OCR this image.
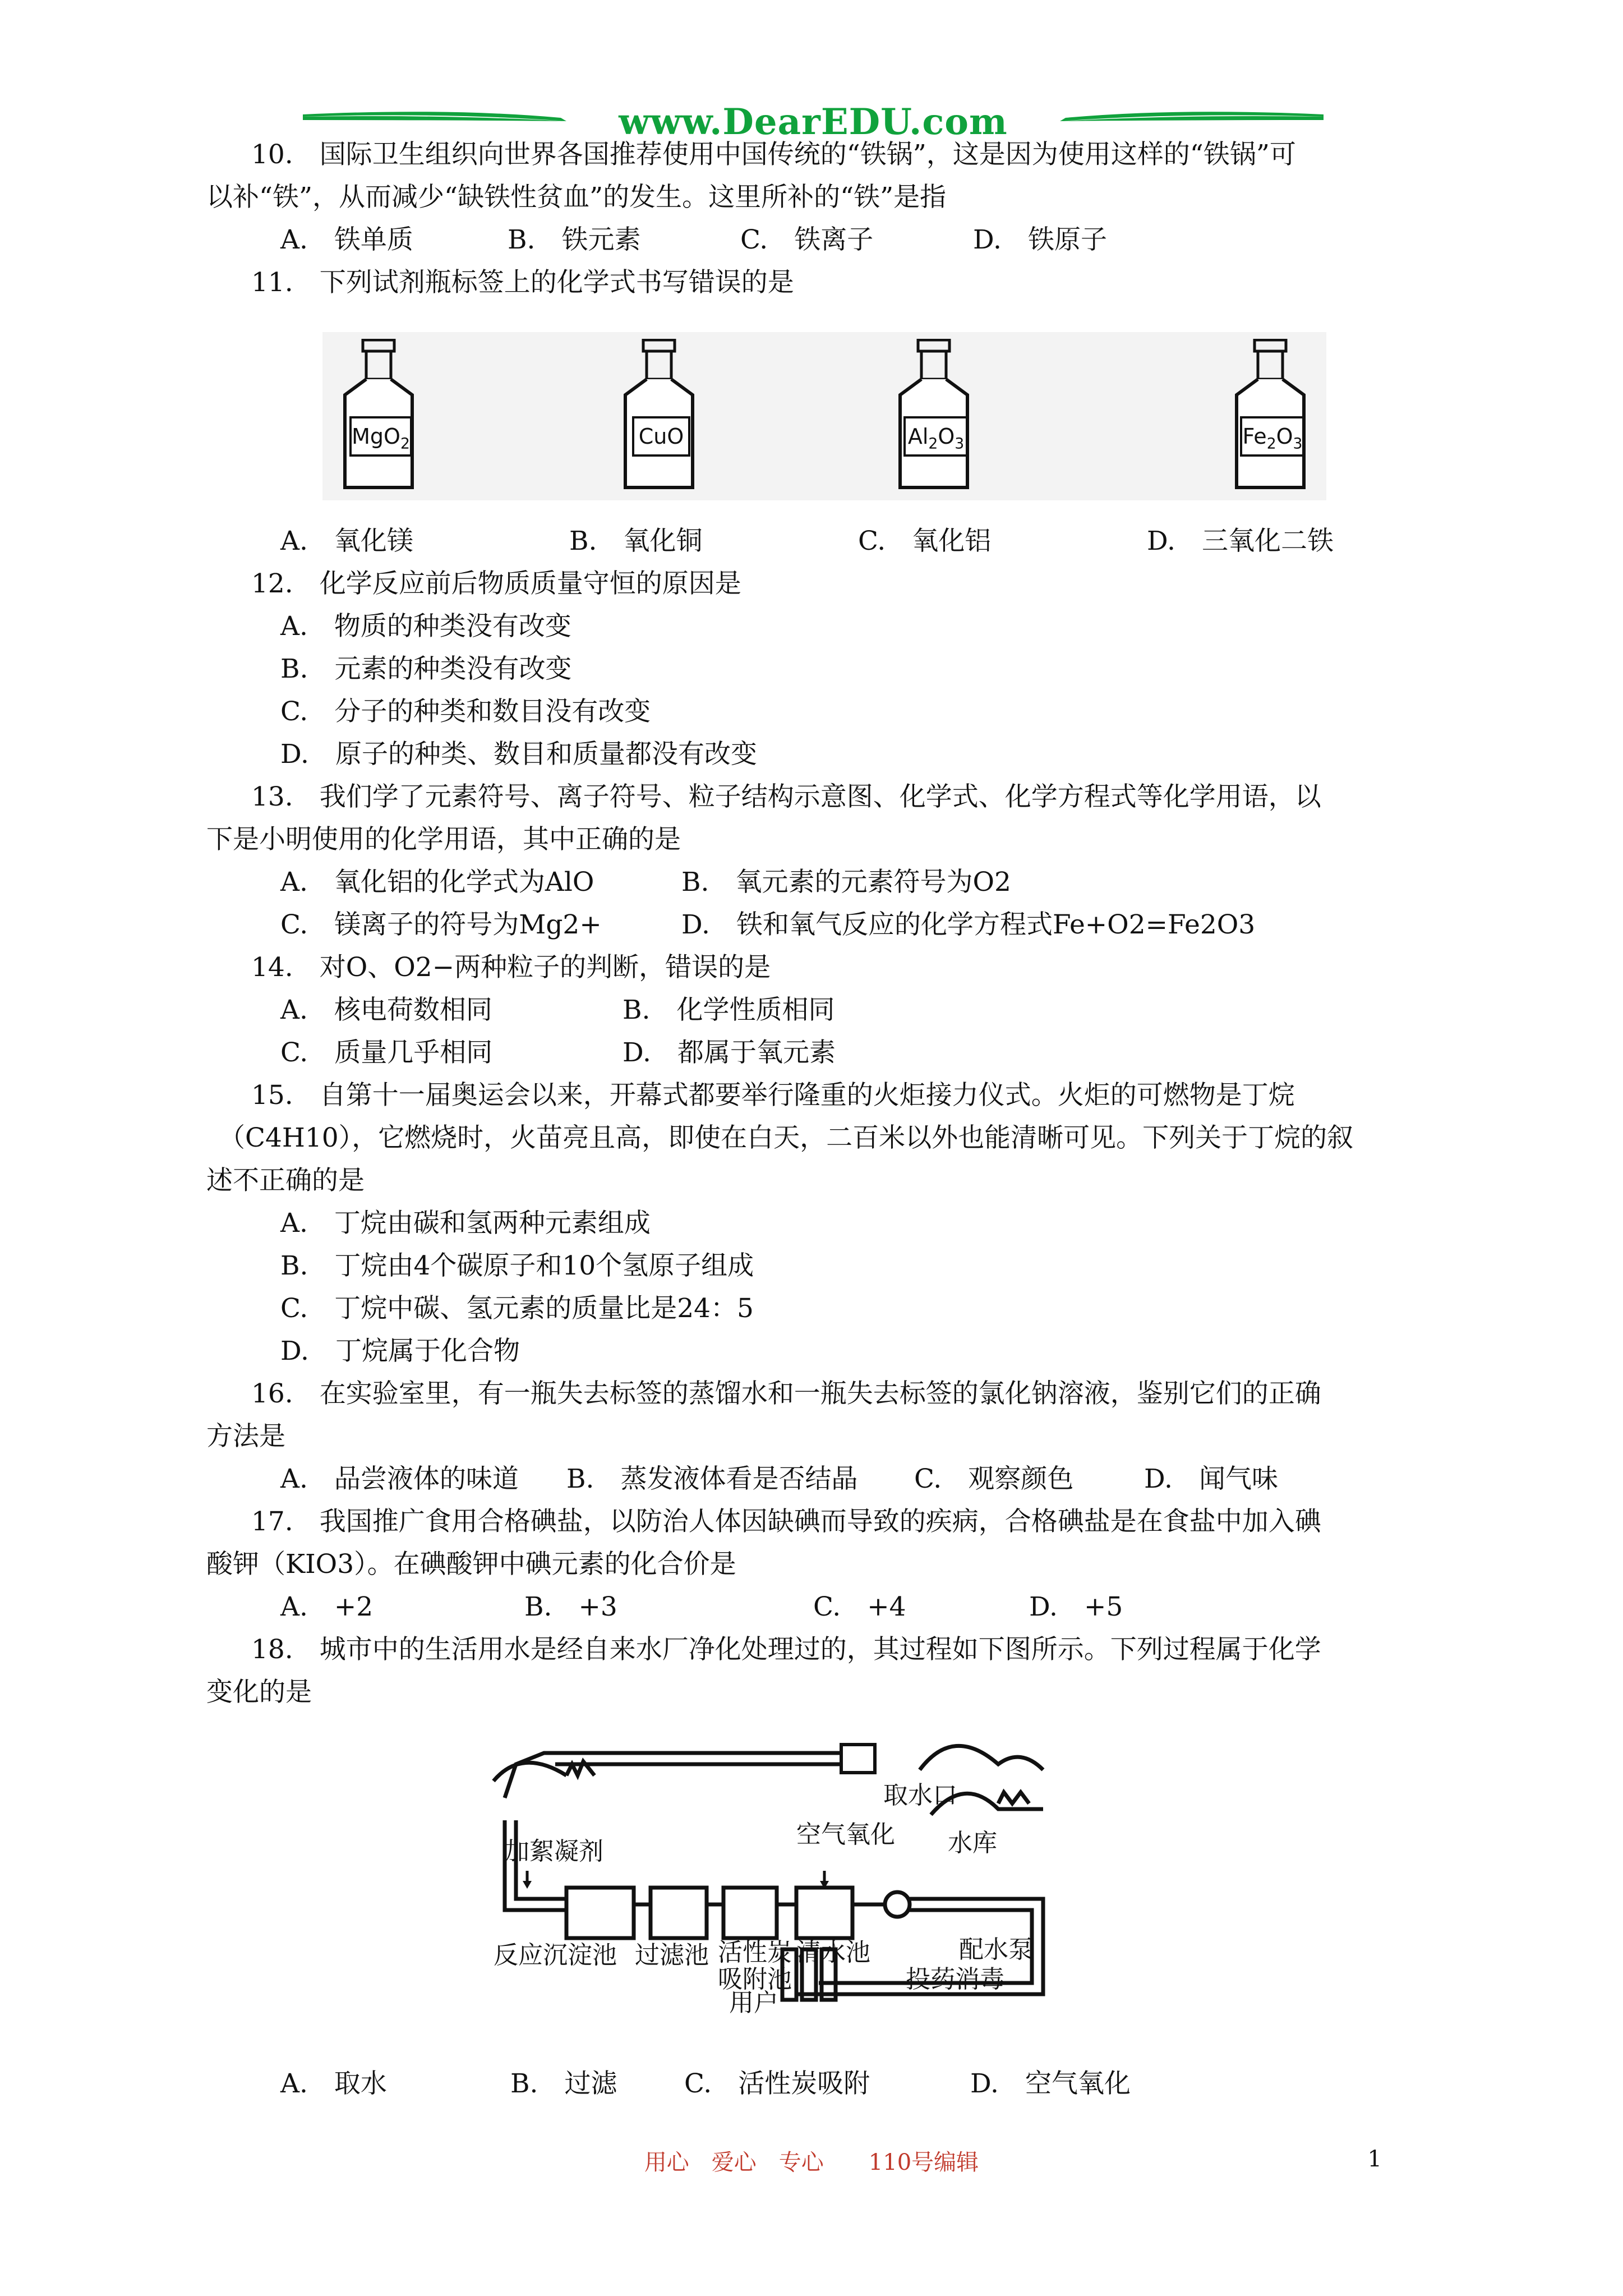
www.DearEDU.com
10.　国际卫生组织向世界各国推荐使用中国传统的“铁锅”，这是因为使用这样的“铁锅”可
以补“铁”，从而减少“缺铁性贫血”的发生。这里所补的“铁”是指
A.　铁单质	B.　铁元素	C.　铁离子	D.　铁原子
11.　下列试剂瓶标签上的化学式书写错误的是
MgO$_2$	CuO	$Al_2O_3$	$Fe_2O_3$
A.　氧化镁	B.　氧化铜	C.　氧化铝	D.　三氧化二铁
12.　化学反应前后物质质量守恒的原因是
A.　物质的种类没有改变
B.　元素的种类没有改变
C.　分子的种类和数目没有改变
D.　原子的种类、数目和质量都没有改变
13.　我们学了元素符号、离子符号、粒子结构示意图、化学式、化学方程式等化学用语，以
下是小明使用的化学用语，其中正确的是
A.　氧化铝的化学式为AlO	B.　氧元素的元素符号为O2
C.　镁离子的符号为Mg2+	D.　铁和氧气反应的化学方程式Fe+O2=Fe2O3
14.　对O、O2−两种粒子的判断，错误的是
A.　核电荷数相同	B.　化学性质相同
C.　质量几乎相同	D.　都属于氧元素
15.　自第十一届奥运会以来，开幕式都要举行隆重的火炬接力仪式。火炬的可燃物是丁烷
（C4H10），它燃烧时，火苗亮且高，即使在白天，二百米以外也能清晰可见。下列关于丁烷的叙
述不正确的是
A.　丁烷由碳和氢两种元素组成
B.　丁烷由4个碳原子和10个氢原子组成
C.　丁烷中碳、氢元素的质量比是24：5
D.　丁烷属于化合物
16.　在实验室里，有一瓶失去标签的蒸馏水和一瓶失去标签的氯化钠溶液，鉴别它们的正确
方法是
A.　品尝液体的味道 B.　蒸发液体看是否结晶 C.　观察颜色	D.　闻气味
17.　我国推广食用合格碘盐，以防治人体因缺碘而导致的疾病，合格碘盐是在食盐中加入碘
酸钾（KIO3）。在碘酸钾中碘元素的化合价是
A.　+2	B.　+3	C.　+4	D.　+5
18.　城市中的生活用水是经自来水厂净化处理过的，其过程如下图所示。下列过程属于化学
变化的是
取水口
空气氧化 水库
加絮凝剂
反应沉淀池 过滤池 活性炭
吸附池
清水池	配水泵
投药消毒
用户
A.　取水	B.　过滤	C.　活性炭吸附	D.　空气氧化
用心　爱心　专心　　110号编辑	1
